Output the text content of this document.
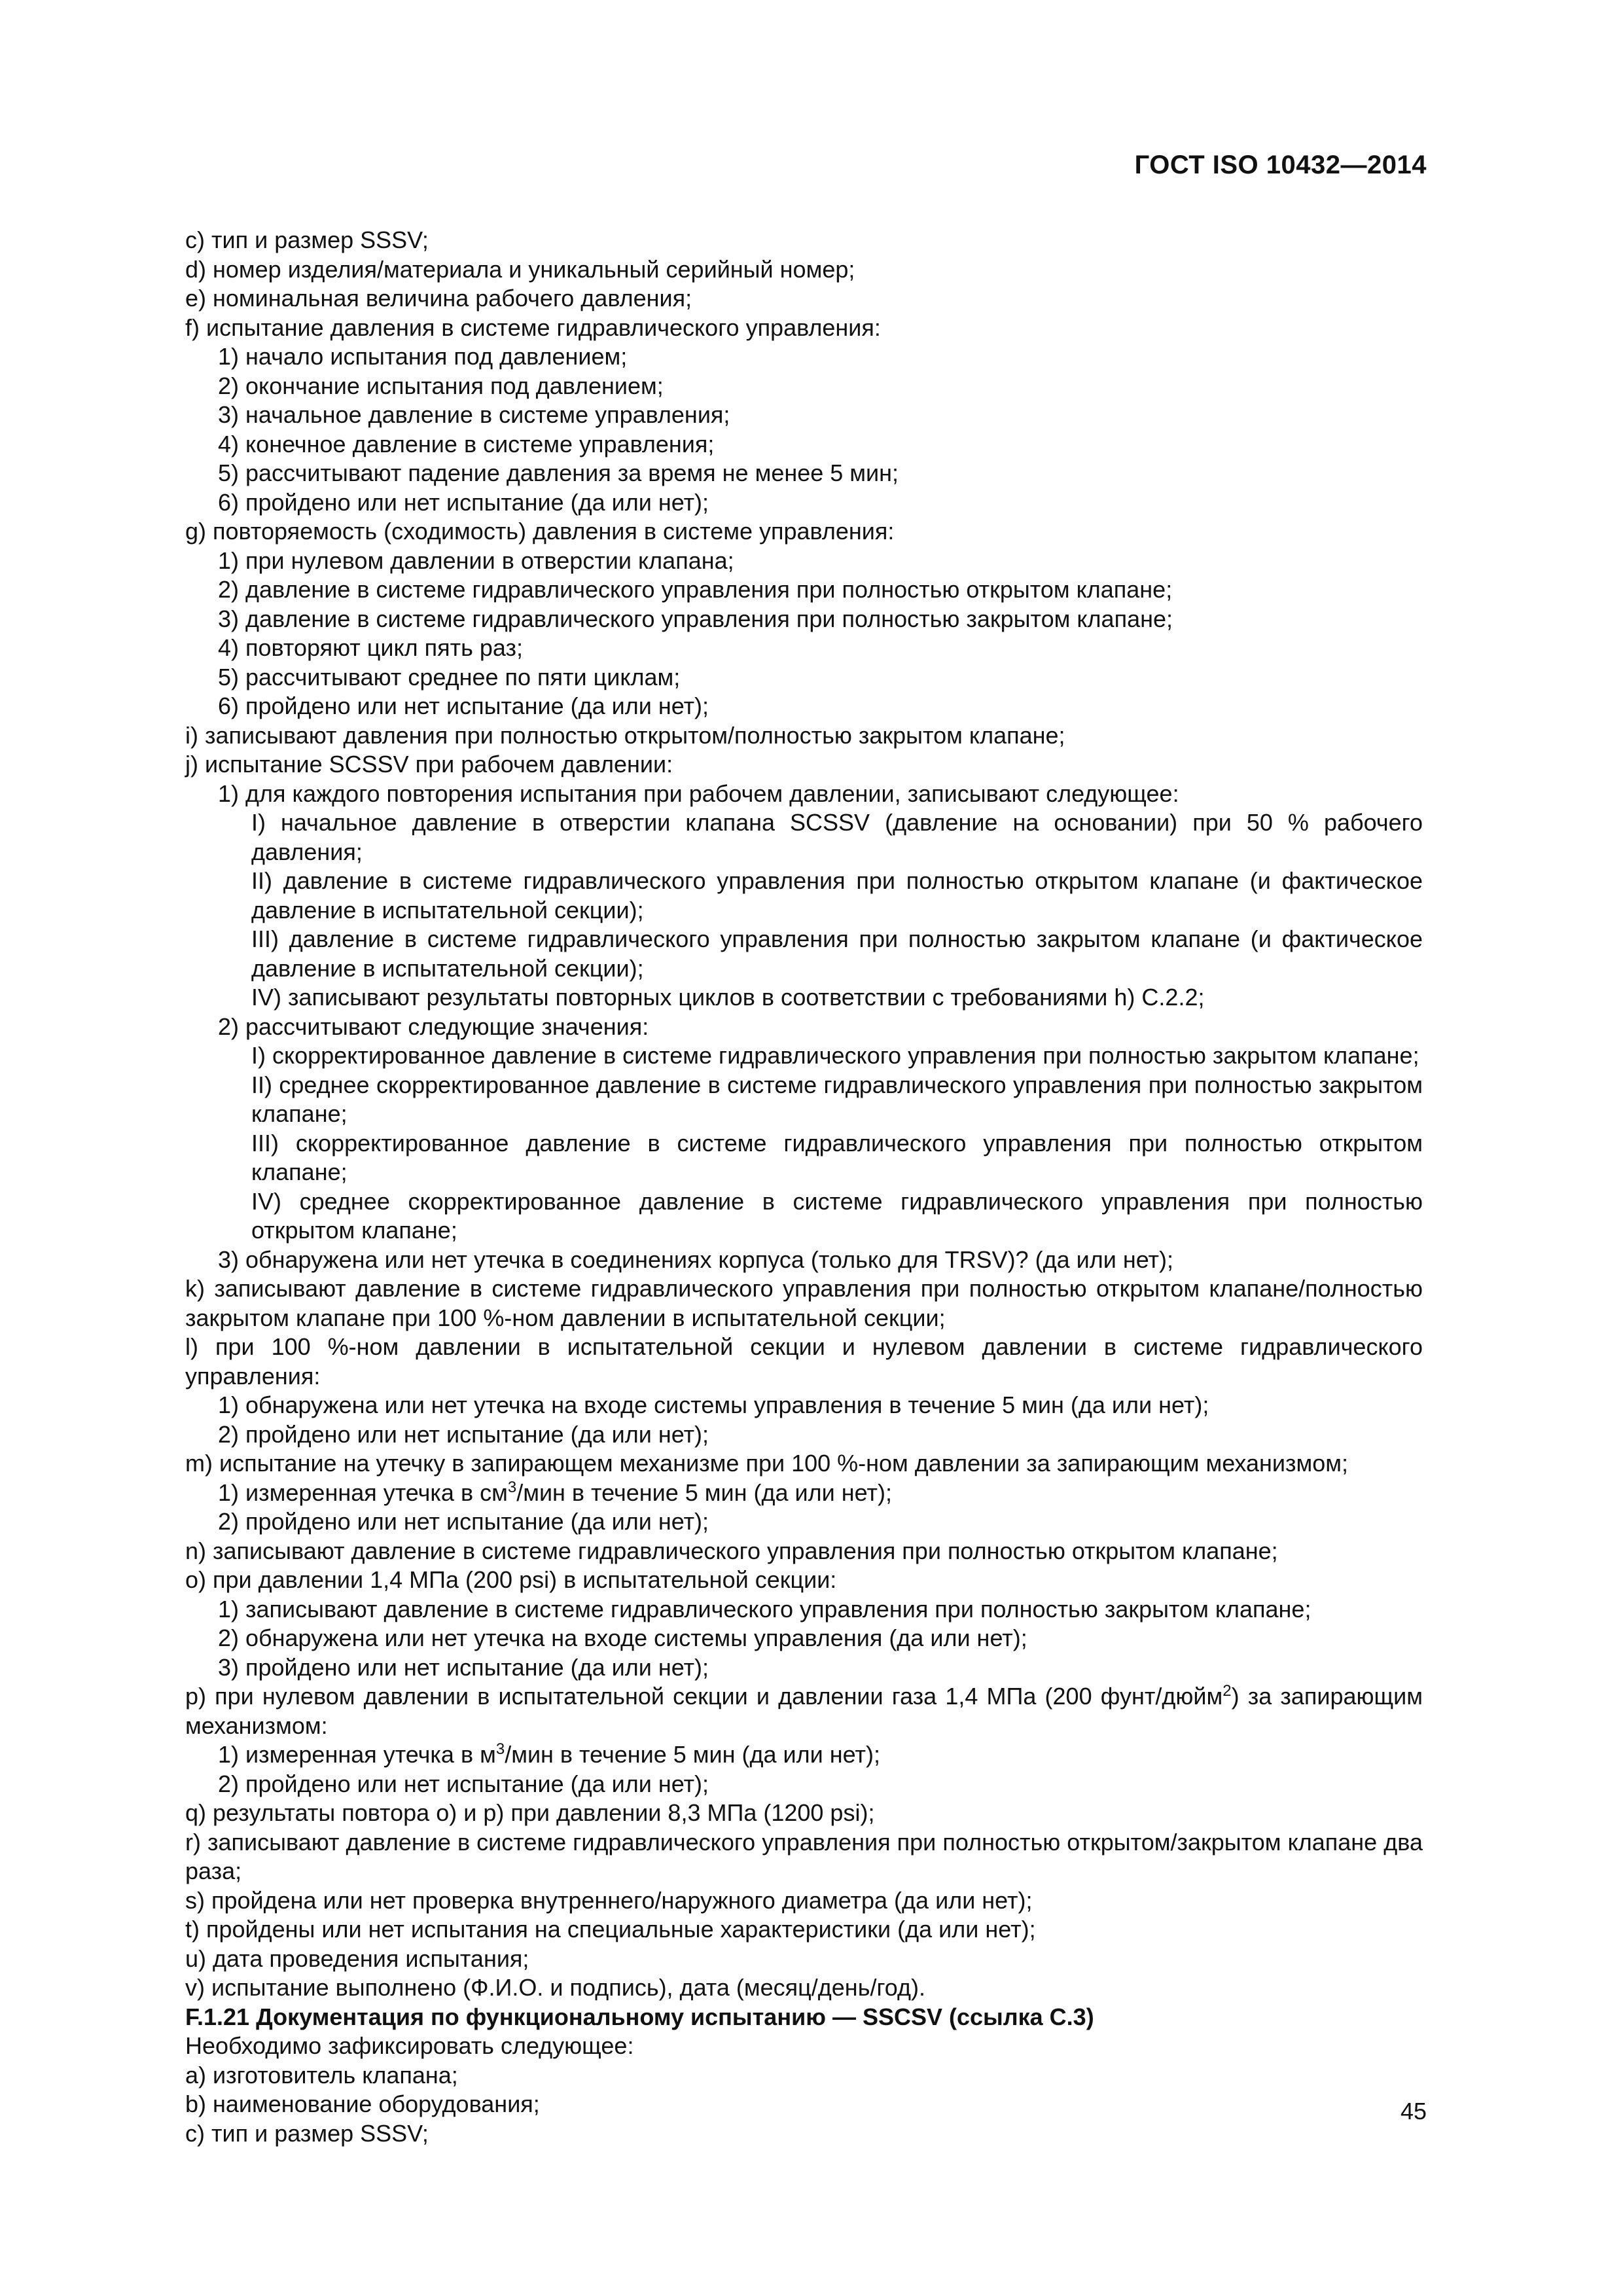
ГОСТ ISO 10432—2014

c) тип и размер SSSV;

d) номер изделия/материала и уникальный серийный номер;

e) номинальная величина рабочего давления;

f) испытание давления в системе гидравлического управления:

1) начало испытания под давлением;

2) окончание испытания под давлением;

3) начальное давление в системе управления;

4) конечное давление в системе управления;

5) рассчитывают падение давления за время не менее 5 мин;

6) пройдено или нет испытание (да или нет);

g) повторяемость (сходимость) давления в системе управления:

1) при нулевом давлении в отверстии клапана;

2) давление в системе гидравлического управления при полностью открытом клапане;

3) давление в системе гидравлического управления при полностью закрытом клапане;

4) повторяют цикл пять раз;

5) рассчитывают среднее по пяти циклам;

6) пройдено или нет испытание (да или нет);

i) записывают давления при полностью открытом/полностью закрытом клапане;

j) испытание SCSSV при рабочем давлении:

1) для каждого повторения испытания при рабочем давлении, записывают следующее:

I) начальное давление в отверстии клапана SCSSV (давление на основании) при 50 % рабочего давления;

II) давление в системе гидравлического управления при полностью открытом клапане (и фактическое давление в испытательной секции);

III) давление в системе гидравлического управления при полностью закрытом клапане (и фактическое давление в испытательной секции);

IV) записывают результаты повторных циклов в соответствии с требованиями h) C.2.2;

2) рассчитывают следующие значения:

I) скорректированное давление в системе гидравлического управления при полностью закрытом клапане;

II) среднее скорректированное давление в системе гидравлического управления при полностью закрытом клапане;

III) скорректированное давление в системе гидравлического управления при полностью открытом клапане;

IV) среднее скорректированное давление в системе гидравлического управления при полностью открытом клапане;

3) обнаружена или нет утечка в соединениях корпуса (только для TRSV)? (да или нет);

k) записывают давление в системе гидравлического управления при полностью открытом клапане/полностью закрытом клапане при 100 %-ном давлении в испытательной секции;

l) при 100 %-ном давлении в испытательной секции и нулевом давлении в системе гидравлического управления:

1) обнаружена или нет утечка на входе системы управления в течение 5 мин (да или нет);

2) пройдено или нет испытание (да или нет);

m) испытание на утечку в запирающем механизме при 100 %-ном давлении за запирающим механизмом;

1) измеренная утечка в $см^3$/мин в течение 5 мин (да или нет);

2) пройдено или нет испытание (да или нет);

n) записывают давление в системе гидравлического управления при полностью открытом клапане;

o) при давлении 1,4 МПа (200 psi) в испытательной секции:

1) записывают давление в системе гидравлического управления при полностью закрытом клапане;

2) обнаружена или нет утечка на входе системы управления (да или нет);

3) пройдено или нет испытание (да или нет);

p) при нулевом давлении в испытательной секции и давлении газа 1,4 МПа (200 фунт/дюйм$^2$) за запирающим механизмом:

1) измеренная утечка в $м^3$/мин в течение 5 мин (да или нет);

2) пройдено или нет испытание (да или нет);

q) результаты повтора o) и p) при давлении 8,3 МПа (1200 psi);

r) записывают давление в системе гидравлического управления при полностью открытом/закрытом клапане два раза;

s) пройдена или нет проверка внутреннего/наружного диаметра (да или нет);

t) пройдены или нет испытания на специальные характеристики (да или нет);

u) дата проведения испытания;

v) испытание выполнено (Ф.И.О. и подпись), дата (месяц/день/год).

F.1.21 Документация по функциональному испытанию — SSCSV (ссылка C.3)

Необходимо зафиксировать следующее:

a) изготовитель клапана;

b) наименование оборудования;

c) тип и размер SSSV;

45
